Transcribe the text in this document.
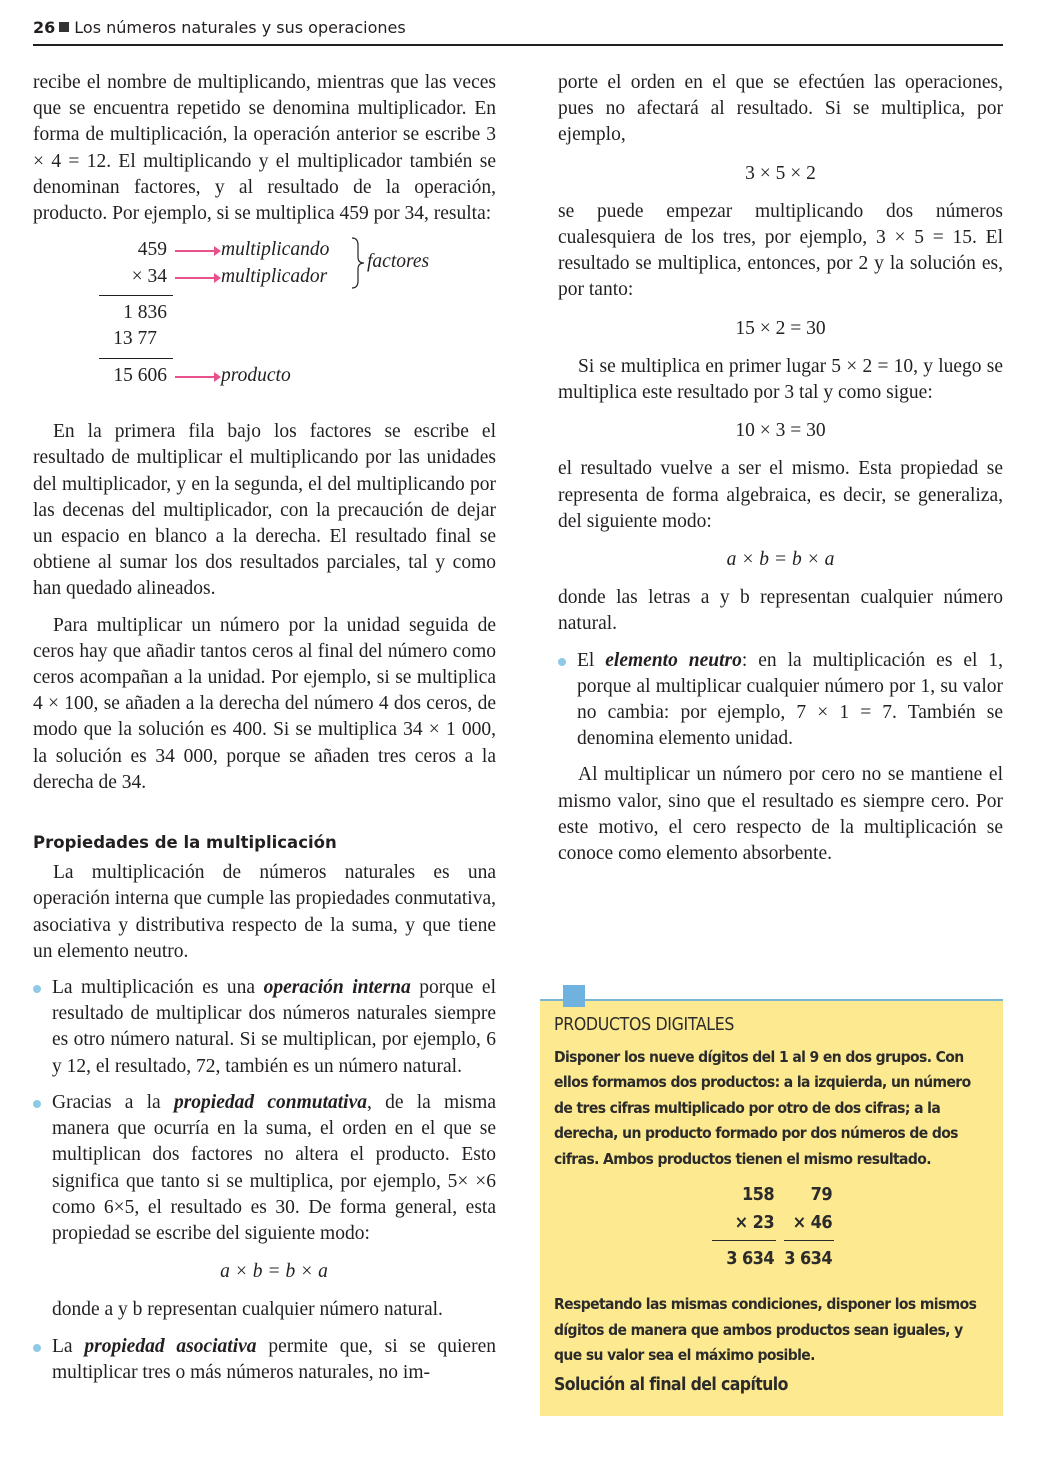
26 Los números naturales y sus operaciones

recibe el nombre de multiplicando, mientras que las veces que se encuentra repetido se denomina multiplicador. En forma de multiplicación, la operación anterior se escribe 3 × 4 = 12. El multiplicando y el multiplicador también se denominan factores, y al resultado de la operación, producto. Por ejemplo, si se multiplica 459 por 34, resulta:

459	multiplicando
× 34	multiplicador
factores
1 836
13 77
15 606	producto

En la primera fila bajo los factores se escribe el resultado de multiplicar el multiplicando por las unidades del multiplicador, y en la segunda, el del multiplicando por las decenas del multiplicador, con la precaución de dejar un espacio en blanco a la derecha. El resultado final se obtiene al sumar los dos resultados parciales, tal y como han quedado alineados.

Para multiplicar un número por la unidad seguida de ceros hay que añadir tantos ceros al final del número como ceros acompañan a la unidad. Por ejemplo, si se multiplica 4 × 100, se añaden a la derecha del número 4 dos ceros, de modo que la solución es 400. Si se multiplica 34 × 1 000, la solución es 34 000, porque se añaden tres ceros a la derecha de 34.

Propiedades de la multiplicación

La multiplicación de números naturales es una operación interna que cumple las propiedades conmutativa, asociativa y distributiva respecto de la suma, y que tiene un elemento neutro.

La multiplicación es una operación interna porque el resultado de multiplicar dos números naturales siempre es otro número natural. Si se multiplican, por ejemplo, 6 y 12, el resultado, 72, también es un número natural.
Gracias a la propiedad conmutativa, de la misma manera que ocurría en la suma, el orden en el que se multiplican dos factores no altera el producto. Esto significa que tanto si se multiplica, por ejemplo, 5× ×6 como 6×5, el resultado es 30. De forma general, esta propiedad se escribe del siguiente modo:
a × b = b × a

donde a y b representan cualquier número natural.

La propiedad asociativa permite que, si se quieren multiplicar tres o más números naturales, no im-

porte el orden en el que se efectúen las operaciones, pues no afectará al resultado. Si se multiplica, por ejemplo,

3 × 5 × 2

se puede empezar multiplicando dos números cualesquiera de los tres, por ejemplo, 3 × 5 = 15. El resultado se multiplica, entonces, por 2 y la solución es, por tanto:

15 × 2 = 30

Si se multiplica en primer lugar 5 × 2 = 10, y luego se multiplica este resultado por 3 tal y como sigue:

10 × 3 = 30

el resultado vuelve a ser el mismo. Esta propiedad se representa de forma algebraica, es decir, se generaliza, del siguiente modo:

a × b = b × a

donde las letras a y b representan cualquier número natural.

El elemento neutro: en la multiplicación es el 1, porque al multiplicar cualquier número por 1, su valor no cambia: por ejemplo, 7 × 1 = 7. También se denomina elemento unidad.

Al multiplicar un número por cero no se mantiene el mismo valor, sino que el resultado es siempre cero. Por este motivo, el cero respecto de la multiplicación se conoce como elemento absorbente.

PRODUCTOS DIGITALES
Disponer los nueve dígitos del 1 al 9 en dos grupos. Con ellos formamos dos productos: a la izquierda, un número de tres cifras multiplicado por otro de dos cifras; a la derecha, un producto formado por dos números de dos cifras. Ambos productos tienen el mismo resultado.
158
× 23
3 634
79
× 46
3 634
Respetando las mismas condiciones, disponer los mismos dígitos de manera que ambos productos sean iguales, y que su valor sea el máximo posible.
Solución al final del capítulo
